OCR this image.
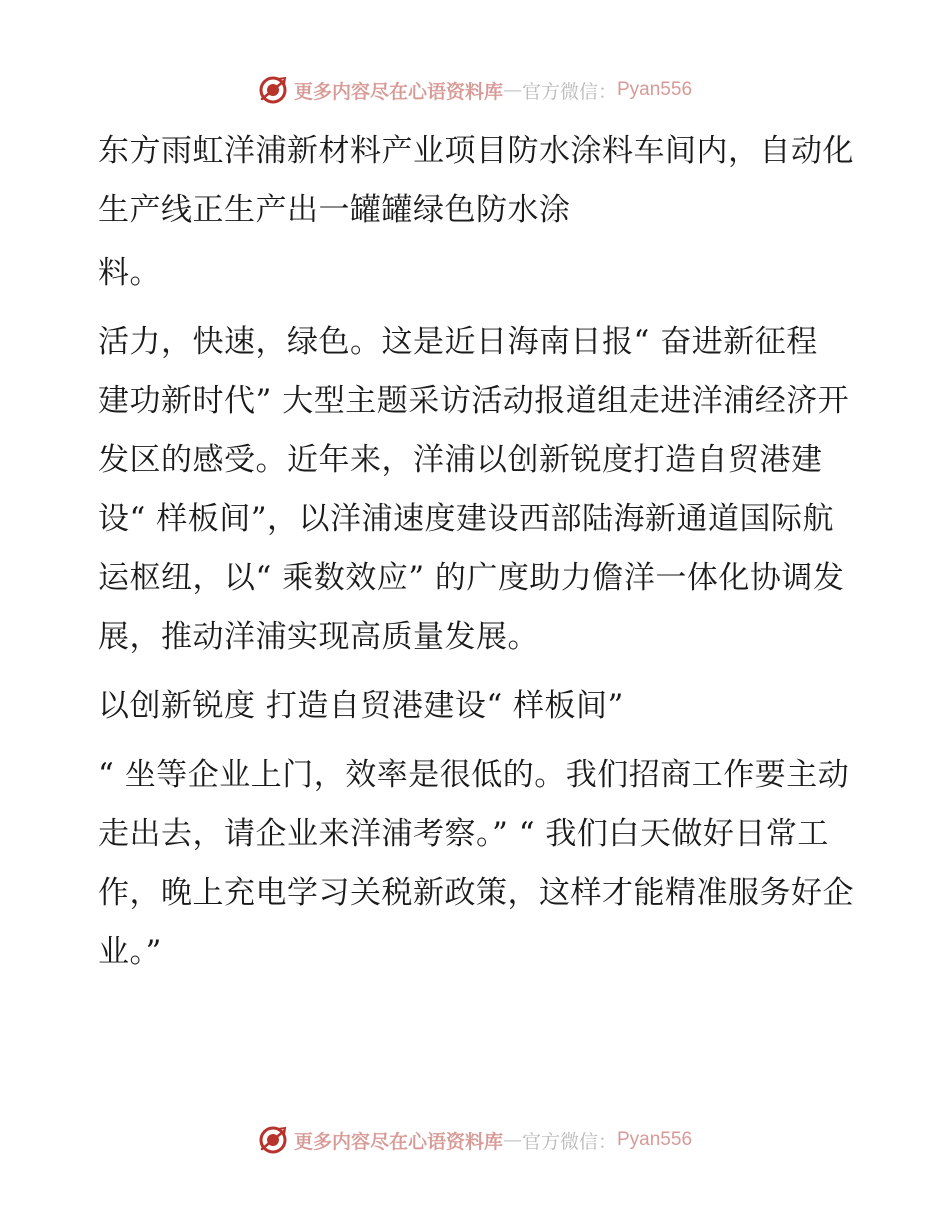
更多内容尽在心语资料库 — 官方微信： Pyan556

东方雨虹洋浦新材料产业项目防水涂料车间内，自动化生产线正生产出一罐罐绿色防水涂

料。

活力，快速，绿色。这是近日海南日报“ 奋进新征程 建功新时代” 大型主题采访活动报道组走进洋浦经济开发区的感受。近年来，洋浦以创新锐度打造自贸港建设“ 样板间”，以洋浦速度建设西部陆海新通道国际航运枢纽，以“ 乘数效应” 的广度助力儋洋一体化协调发展，推动洋浦实现高质量发展。

以创新锐度 打造自贸港建设“ 样板间”

“ 坐等企业上门，效率是很低的。我们招商工作要主动走出去，请企业来洋浦考察。” “ 我们白天做好日常工作，晚上充电学习关税新政策，这样才能精准服务好企业。”

更多内容尽在心语资料库 — 官方微信： Pyan556
